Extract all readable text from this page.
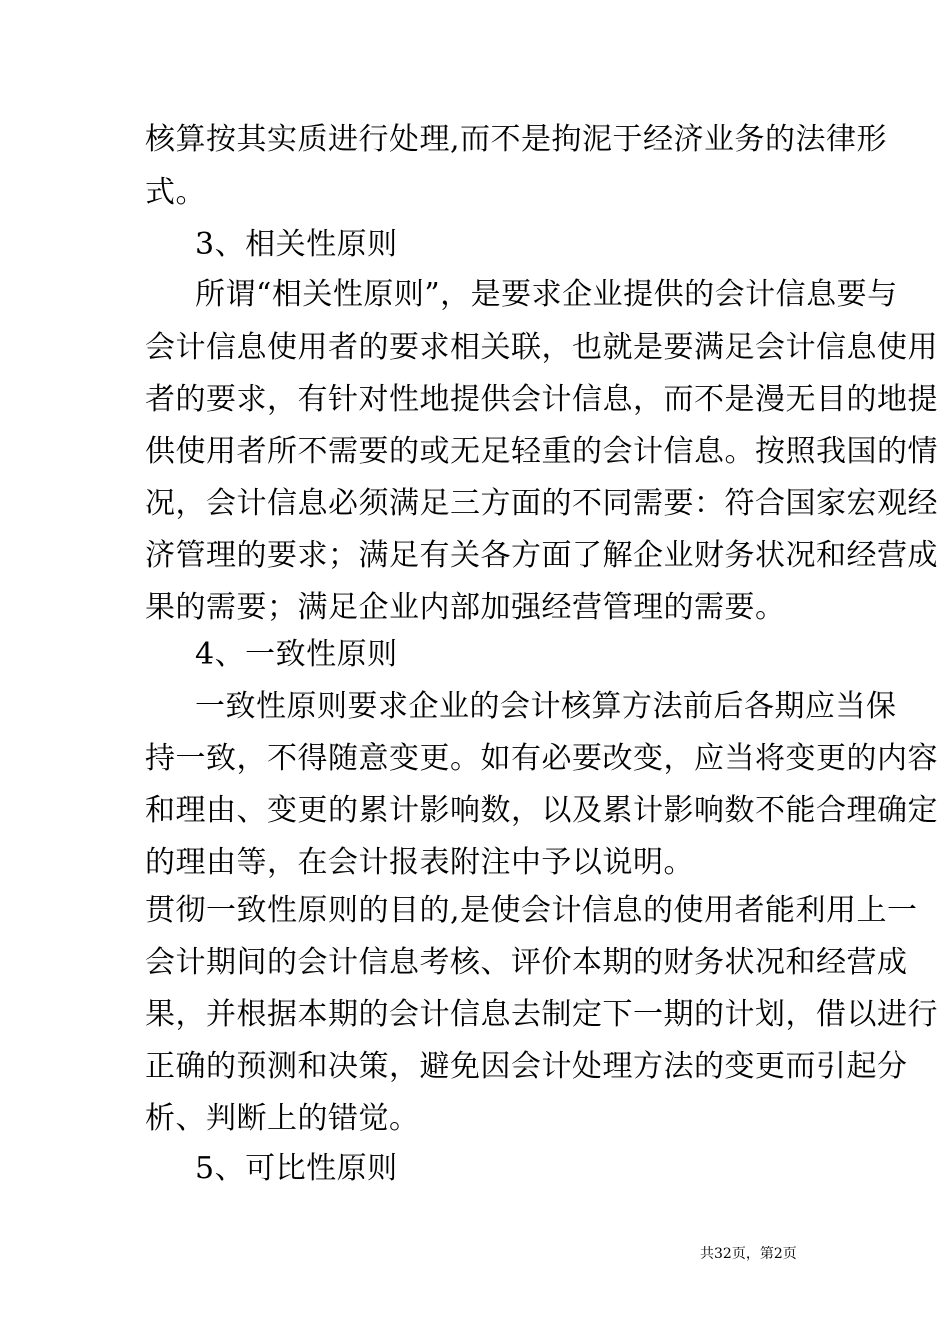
核算按其实质进行处理,而不是拘泥于经济业务的法律形
式。
3、相关性原则
所谓“相关性原则”，是要求企业提供的会计信息要与
会计信息使用者的要求相关联，也就是要满足会计信息使用
者的要求，有针对性地提供会计信息，而不是漫无目的地提
供使用者所不需要的或无足轻重的会计信息。按照我国的情
况，会计信息必须满足三方面的不同需要：符合国家宏观经
济管理的要求；满足有关各方面了解企业财务状况和经营成
果的需要；满足企业内部加强经营管理的需要。
4、一致性原则
一致性原则要求企业的会计核算方法前后各期应当保
持一致，不得随意变更。如有必要改变，应当将变更的内容
和理由、变更的累计影响数，以及累计影响数不能合理确定
的理由等，在会计报表附注中予以说明。
贯彻一致性原则的目的,是使会计信息的使用者能利用上一
会计期间的会计信息考核、评价本期的财务状况和经营成
果，并根据本期的会计信息去制定下一期的计划，借以进行
正确的预测和决策，避免因会计处理方法的变更而引起分
析、判断上的错觉。
5、可比性原则
共32页，第2页
